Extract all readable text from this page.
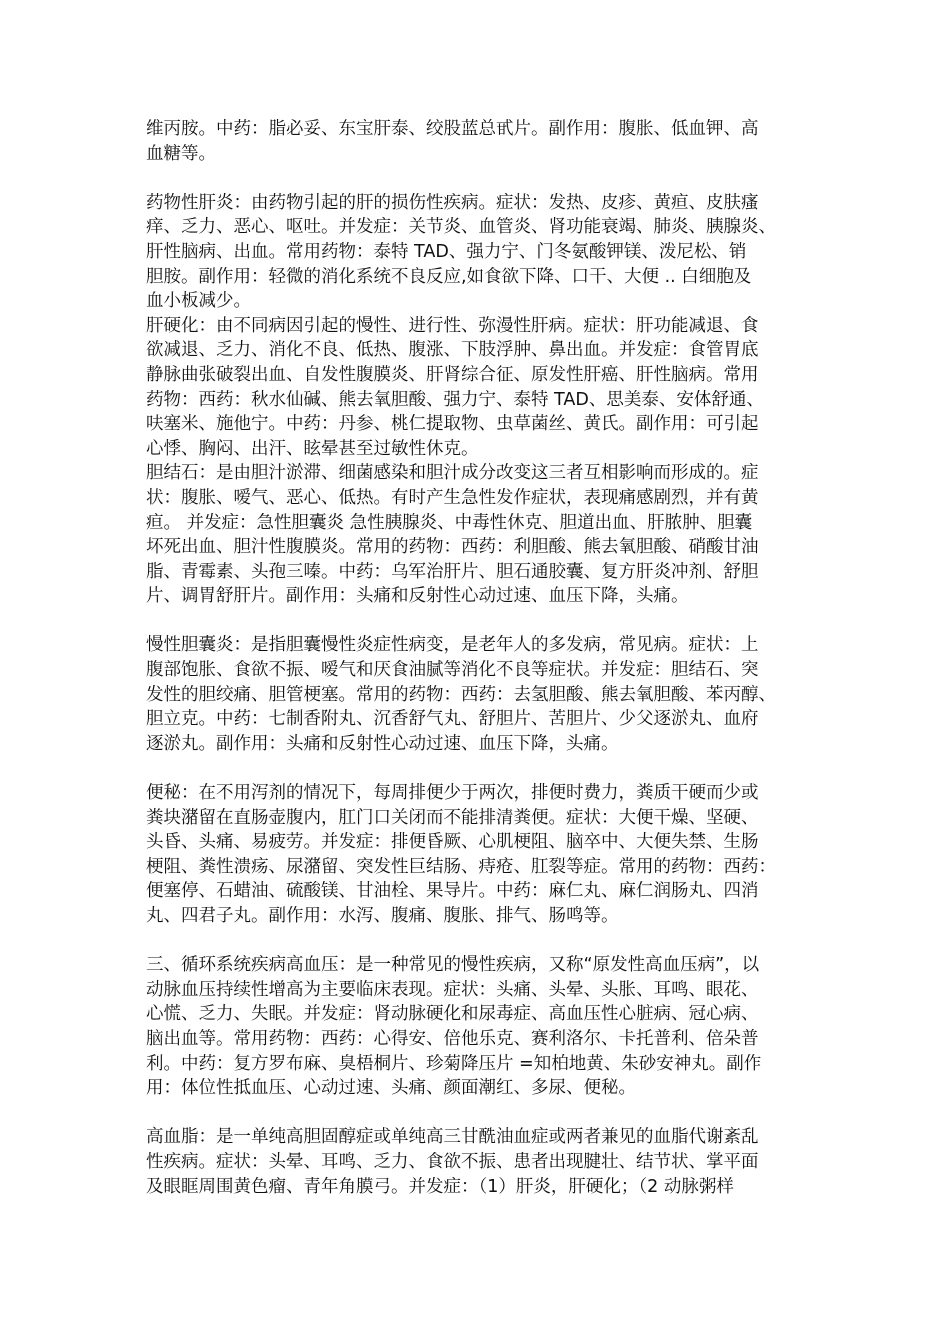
维丙胺。中药：脂必妥、东宝肝泰、绞股蓝总甙片。副作用：腹胀、低血钾、高
血糖等。
药物性肝炎：由药物引起的肝的损伤性疾病。症状：发热、皮疹、黄疸、皮肤瘙
痒、乏力、恶心、呕吐。并发症：关节炎、血管炎、肾功能衰竭、肺炎、胰腺炎、
肝性脑病、出血。常用药物：泰特 TAD、强力宁、门冬氨酸钾镁、泼尼松、销
胆胺。副作用：轻微的消化系统不良反应,如食欲下降、口干、大便 .. 白细胞及
血小板减少。
肝硬化：由不同病因引起的慢性、进行性、弥漫性肝病。症状：肝功能减退、食
欲减退、乏力、消化不良、低热、腹涨、下肢浮肿、鼻出血。并发症：食管胃底
静脉曲张破裂出血、自发性腹膜炎、肝肾综合征、原发性肝癌、肝性脑病。常用
药物：西药：秋水仙碱、熊去氧胆酸、强力宁、泰特 TAD、思美泰、安体舒通、
呋塞米、施他宁。中药：丹参、桃仁提取物、虫草菌丝、黄氏。副作用：可引起
心悸、胸闷、出汗、眩晕甚至过敏性休克。
胆结石：是由胆汁淤滞、细菌感染和胆汁成分改变这三者互相影响而形成的。症
状：腹胀、嗳气、恶心、低热。有时产生急性发作症状，表现痛感剧烈，并有黄
疸。 并发症：急性胆囊炎 急性胰腺炎、中毒性休克、胆道出血、肝脓肿、胆囊
坏死出血、胆汁性腹膜炎。常用的药物：西药：利胆酸、熊去氧胆酸、硝酸甘油
脂、青霉素、头孢三嗪。中药：乌军治肝片、胆石通胶囊、复方肝炎冲剂、舒胆
片、调胃舒肝片。副作用：头痛和反射性心动过速、血压下降，头痛。
慢性胆囊炎：是指胆囊慢性炎症性病变，是老年人的多发病，常见病。症状：上
腹部饱胀、食欲不振、嗳气和厌食油腻等消化不良等症状。并发症：胆结石、突
发性的胆绞痛、胆管梗塞。常用的药物：西药：去氢胆酸、熊去氧胆酸、苯丙醇、
胆立克。中药：七制香附丸、沉香舒气丸、舒胆片、苦胆片、少父逐淤丸、血府
逐淤丸。副作用：头痛和反射性心动过速、血压下降，头痛。
便秘：在不用泻剂的情况下，每周排便少于两次，排便时费力，粪质干硬而少或
粪块潴留在直肠壶腹内，肛门口关闭而不能排清粪便。症状：大便干燥、坚硬、
头昏、头痛、易疲劳。并发症：排便昏厥、心肌梗阻、脑卒中、大便失禁、生肠
梗阻、粪性溃疡、尿潴留、突发性巨结肠、痔疮、肛裂等症。常用的药物：西药：
便塞停、石蜡油、硫酸镁、甘油栓、果导片。中药：麻仁丸、麻仁润肠丸、四消
丸、四君子丸。副作用：水泻、腹痛、腹胀、排气、肠鸣等。
三、循环系统疾病高血压：是一种常见的慢性疾病，又称“原发性高血压病”，以
动脉血压持续性增高为主要临床表现。症状：头痛、头晕、头胀、耳鸣、眼花、
心慌、乏力、失眠。并发症：肾动脉硬化和尿毒症、高血压性心脏病、冠心病、
脑出血等。常用药物：西药：心得安、倍他乐克、赛利洛尔、卡托普利、倍朵普
利。中药：复方罗布麻、臭梧桐片、珍菊降压片 =知柏地黄、朱砂安神丸。副作
用：体位性抵血压、心动过速、头痛、颜面潮红、多尿、便秘。
高血脂：是一单纯高胆固醇症或单纯高三甘酰油血症或两者兼见的血脂代谢紊乱
性疾病。症状：头晕、耳鸣、乏力、食欲不振、患者出现腱壮、结节状、掌平面
及眼眶周围黄色瘤、青年角膜弓。并发症：（1）肝炎，肝硬化；（2 动脉粥样
